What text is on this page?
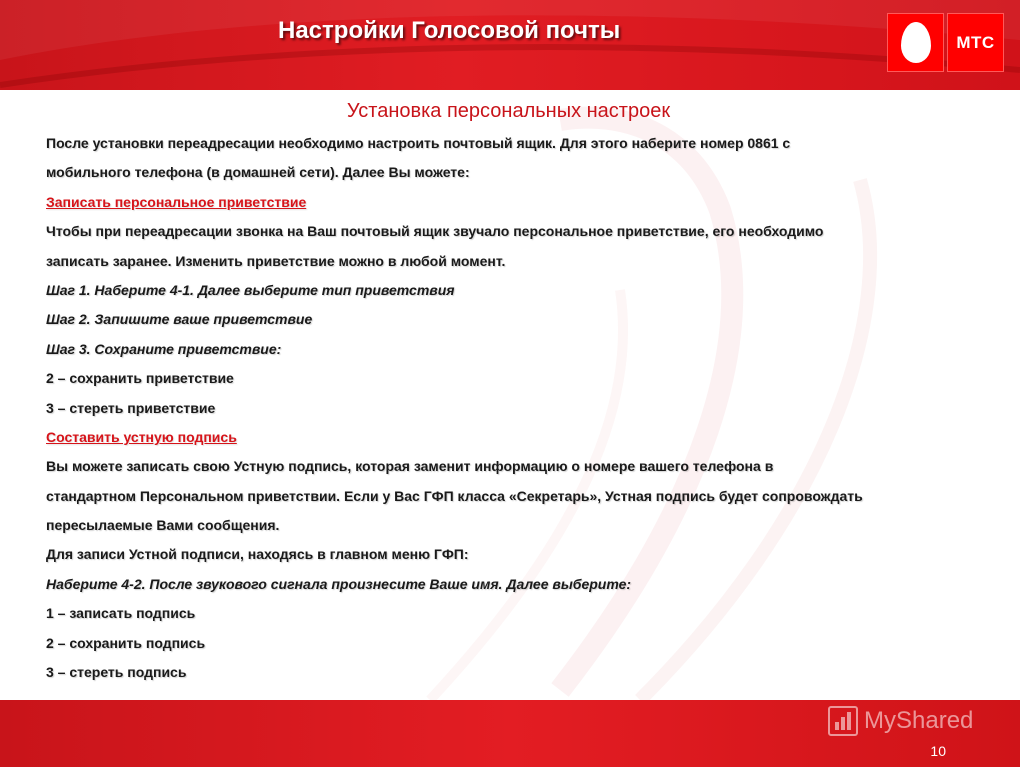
Настройки Голосовой почты	МТС
Установка персональных настроек
После установки переадресации необходимо настроить почтовый ящик. Для этого наберите номер 0861 с
мобильного телефона (в домашней сети). Далее Вы можете:
Записать персональное приветствие
Чтобы при переадресации звонка на Ваш почтовый ящик звучало персональное приветствие, его необходимо
записать заранее. Изменить приветствие можно в любой момент.
Шаг 1. Наберите 4-1. Далее выберите тип приветствия
Шаг 2. Запишите ваше приветствие
Шаг 3. Сохраните приветствие:
2 – сохранить приветствие
3 – стереть приветствие
Составить устную подпись
Вы можете записать свою Устную подпись, которая заменит информацию о номере вашего телефона в
стандартном Персональном приветствии. Если у Вас ГФП класса «Секретарь», Устная подпись будет сопровождать
пересылаемые Вами сообщения.
Для записи Устной подписи, находясь в главном меню ГФП:
Наберите 4-2. После звукового сигнала произнесите Ваше имя. Далее выберите:
1 – записать подпись
2 – сохранить подпись
3 – стереть подпись
10
MyShared
